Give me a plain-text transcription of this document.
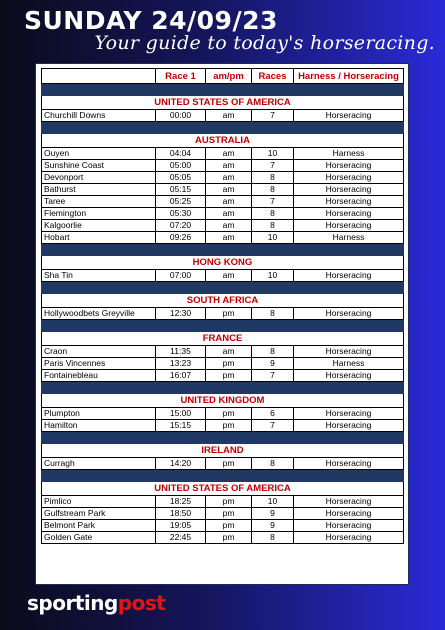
SUNDAY 24/09/23
Your guide to today's horseracing.
	Race 1	am/pm	Races	Harness / Horseracing

UNITED STATES OF AMERICA				
Churchill Downs	00:00	am	7	Horseracing

AUSTRALIA				
Ouyen	04:04	am	10	Harness
Sunshine Coast	05:00	am	7	Horseracing
Devonport	05:05	am	8	Horseracing
Bathurst	05:15	am	8	Horseracing
Taree	05:25	am	7	Horseracing
Flemington	05:30	am	8	Horseracing
Kalgoorlie	07:20	am	8	Horseracing
Hobart	09:26	am	10	Harness

HONG KONG				
Sha Tin	07:00	am	10	Horseracing

SOUTH AFRICA				
Hollywoodbets Greyville	12:30	pm	8	Horseracing

FRANCE				
Craon	11:35	am	8	Horseracing
Paris Vincennes	13:23	pm	9	Harness
Fontainebleau	16:07	pm	7	Horseracing

UNITED KINGDOM				
Plumpton	15:00	pm	6	Horseracing
Hamilton	15:15	pm	7	Horseracing

IRELAND				
Curragh	14:20	pm	8	Horseracing

UNITED STATES OF AMERICA				
Pimlico	18:25	pm	10	Horseracing
Gulfstream Park	18:50	pm	9	Horseracing
Belmont Park	19:05	pm	9	Horseracing
Golden Gate	22:45	pm	8	Horseracing
sportingpost
